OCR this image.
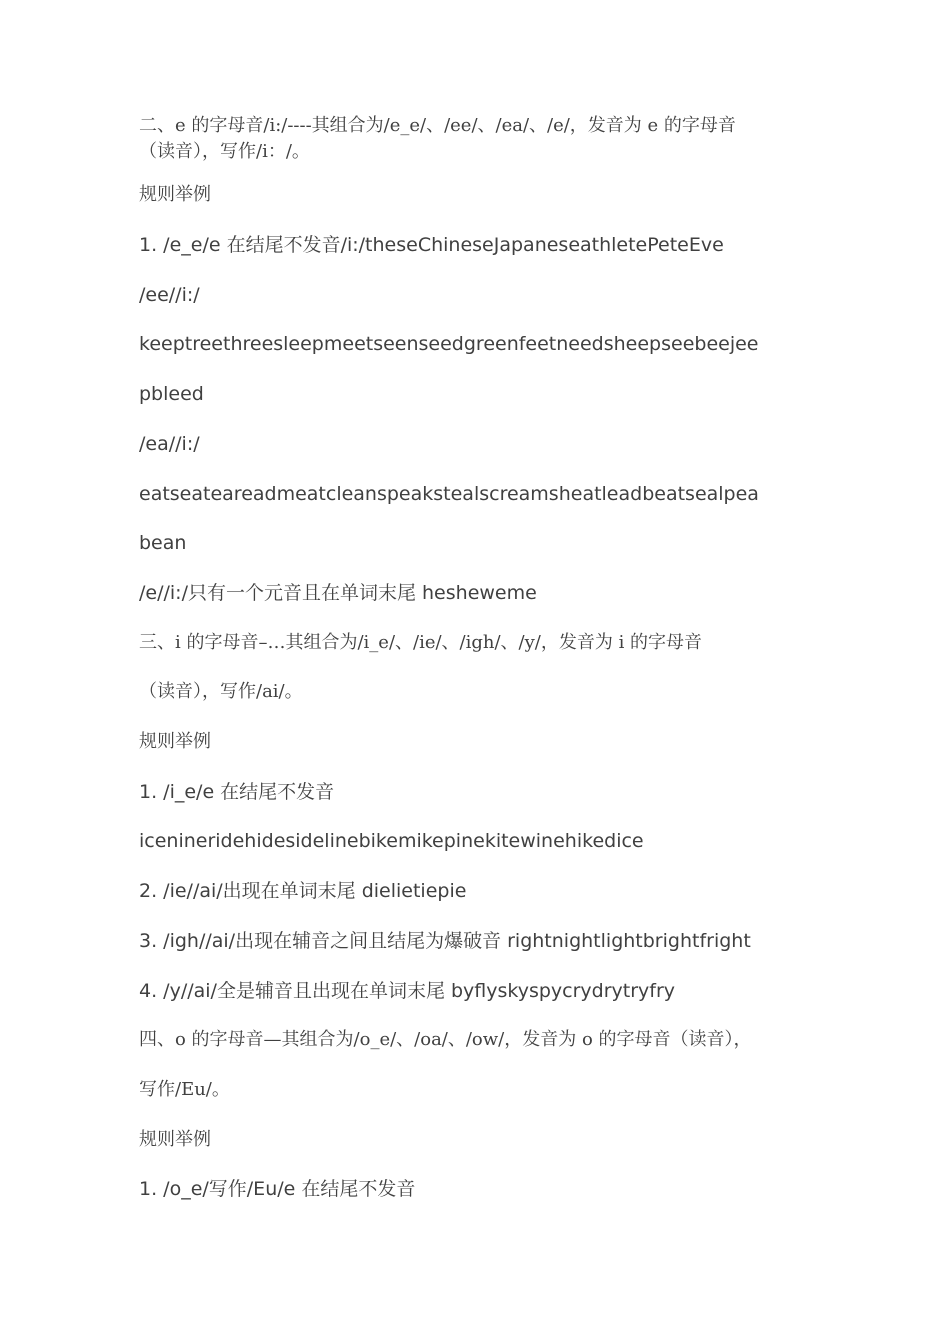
二、e 的字母音/i:/----其组合为/e_e/、/ee/、/ea/、/e/，发音为 e 的字母音
（读音），写作/i：/。
规则举例
1. /e_e/e 在结尾不发音/i:/theseChineseJapaneseathletePeteEve
/ee//i:/
keeptreethreesleepmeetseenseedgreenfeetneedsheepseebeejee
pbleed
/ea//i:/
eatseateareadmeatcleanspeakstealscreamsheatleadbeatsealpea
bean
/e//i:/只有一个元音且在单词末尾 hesheweme
三、i 的字母音–…其组合为/i_e/、/ie/、/igh/、/y/，发音为 i 的字母音
（读音），写作/ai/。
规则举例
1. /i_e/e 在结尾不发音
icenineridehidesidelinebikemikepinekitewinehikedice
2. /ie//ai/出现在单词末尾 dielietiepie
3. /igh//ai/出现在辅音之间且结尾为爆破音 rightnightlightbrightfright
4. /y//ai/全是辅音且出现在单词末尾 byflyskyspycrydrytryfry
四、o 的字母音—其组合为/o_e/、/oa/、/ow/，发音为 o 的字母音（读音），
写作/Eu/。
规则举例
1. /o_e/写作/Eu/e 在结尾不发音
